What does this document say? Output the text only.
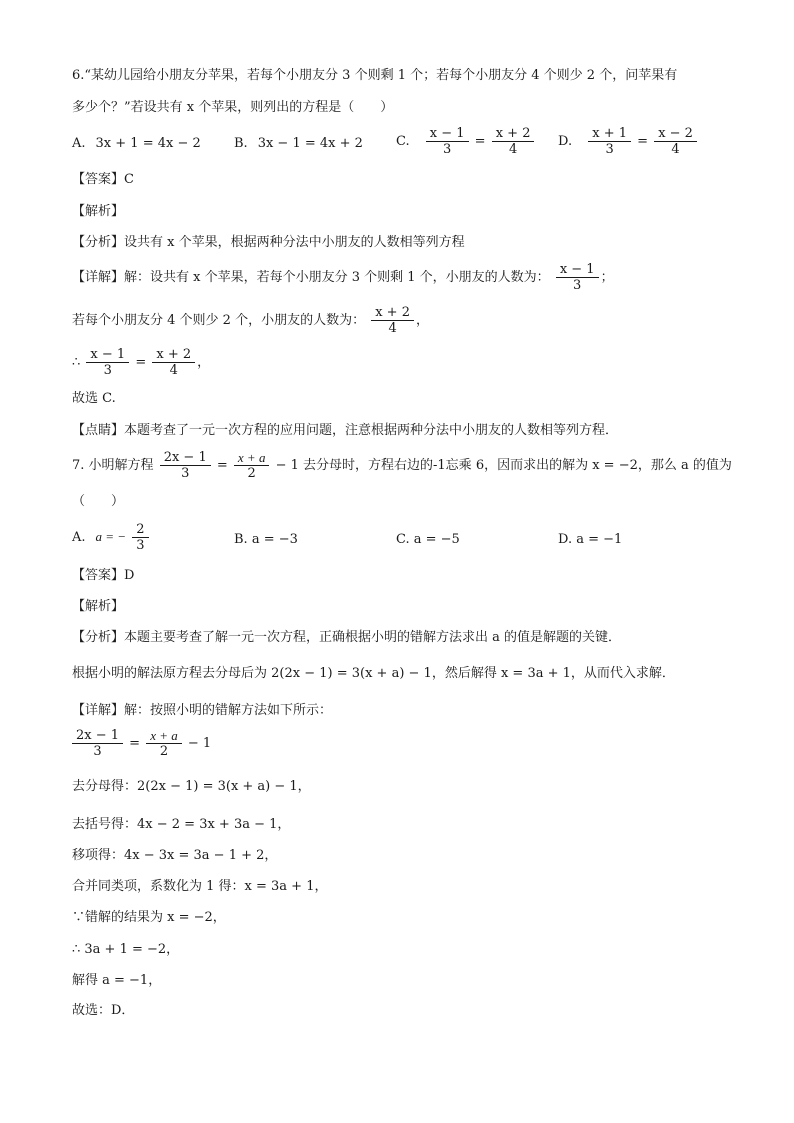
6.“某幼儿园给小朋友分苹果，若每个小朋友分 3 个则剩 1 个；若每个小朋友分 4 个则少 2 个，问苹果有
多少个？”若设共有 x 个苹果，则列出的方程是（　　）
A. 3x + 1 = 4x − 2	B. 3x − 1 = 4x + 2	C. $\frac{x - 1}{3} = \frac{x + 2}{4} D$. $\frac{x + 1}{3} = \frac{x - 2}{4}$
【答案】C
【解析】
【分析】设共有 x 个苹果，根据两种分法中小朋友的人数相等列方程
【详解】解：设共有 x 个苹果，若每个小朋友分 3 个则剩 1 个，小朋友的人数为： $\frac{x - 1}{3}$ ；
若每个小朋友分 4 个则少 2 个，小朋友的人数为： $\frac{x + 2}{4}$ ，
∴ $\frac{x - 1}{3} = \frac{x + 2}{4}$ ，
故选 C.
【点睛】本题考查了一元一次方程的应用问题，注意根据两种分法中小朋友的人数相等列方程．
7. 小明解方程 $\frac{2x - 1}{3} = \frac{x + a}{2} - 1$ 去分母时，方程右边的-1忘乘 6，因而求出的解为 x = −2，那么 a 的值为
（　　）
A. a = − $\frac{2}{3}$	B. a = −3	C. a = −5	D. a = −1
【答案】D
【解析】
【分析】本题主要考查了解一元一次方程，正确根据小明的错解方法求出 a 的值是解题的关键．
根据小明的解法原方程去分母后为 2(2x − 1) = 3(x + a) − 1，然后解得 x = 3a + 1，从而代入求解．
【详解】解：按照小明的错解方法如下所示：
$\frac{2x - 1}{3} = \frac{x + a}{2} - 1$
去分母得：2(2x − 1) = 3(x + a) − 1，
去括号得：4x − 2 = 3x + 3a − 1，
移项得：4x − 3x = 3a − 1 + 2，
合并同类项，系数化为 1 得：x = 3a + 1，
∵错解的结果为 x = −2，
∴ 3a + 1 = −2，
解得 a = −1，
故选：D．
